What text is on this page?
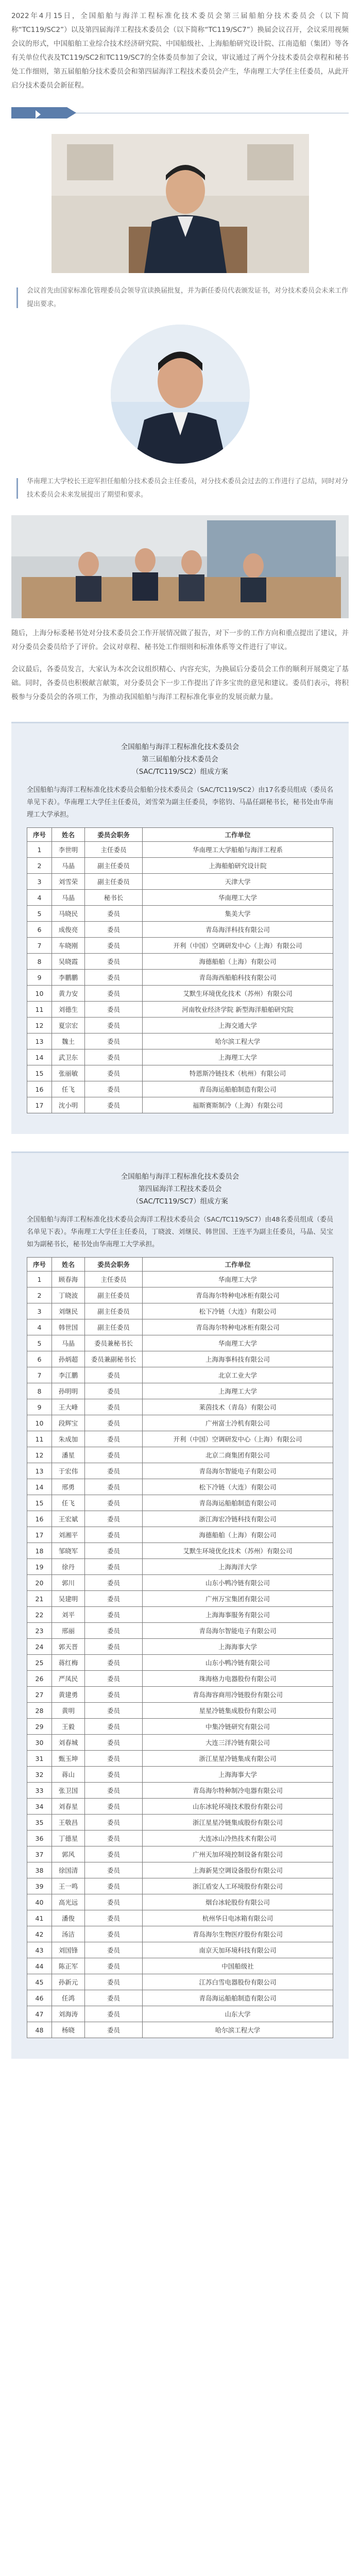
2022年4月15日，全国船舶与海洋工程标准化技术委员会第三届船舶分技术委员会（以下简称“TC119/SC2”）以及第四届海洋工程技术委员会（以下简称“TC119/SC7”）换届会议召开，会议采用视频会议的形式，中国船舶工业综合技术经济研究院、中国船级社、上海船舶研究设计院、江南造船（集团）等各有关单位代表及TC119/SC2和TC119/SC7的全体委员参加了会议，审议通过了两个分技术委员会章程和秘书处工作细则，第五届船舶分技术委员会和第四届海洋工程技术委员会产生，华南理工大学任主任委员，从此开启分技术委员会新征程。
会议首先由国家标准化管理委员会领导宣读换届批复，并为新任委员代表颁发证书，对分技术委员会未来工作提出要求。
华南理工大学校长王迎军担任船舶分技术委员会主任委员，对分技术委员会过去的工作进行了总结，同时对分技术委员会未来发展提出了期望和要求。
随后，上海分标委秘书处对分技术委员会工作开展情况做了报告，对下一步的工作方向和重点提出了建议，并对分委员会委员给予了评价。会议对章程、秘书处工作细则和标准体系等文件进行了审议。
会议最后，各委员发言，大家认为本次会议组织精心、内容充实，为换届后分委员会工作的顺利开展奠定了基础。同时，各委员也积极献言献策，对分委员会下一步工作提出了许多宝贵的意见和建议。委员们表示，将积极参与分委员会的各项工作，为推动我国船舶与海洋工程标准化事业的发展贡献力量。
全国船舶与海洋工程标准化技术委员会
第三届船舶分技术委员会
（SAC/TC119/SC2）组成方案
全国船舶与海洋工程标准化技术委员会船舶分技术委员会（SAC/TC119/SC2）由17名委员组成（委员名单见下表）。华南理工大学任主任委员，刘雪荣为副主任委员，李铭钧、马晶任副秘书长，秘书处由华南理工大学承担。
序号	姓名	委员会职务	工作单位
1	李世明	主任委员	华南理工大学船舶与海洋工程系
2	马晶	副主任委员	上海船舶研究设计院
3	刘雪荣	副主任委员	天津大学
4	马晶	秘书长	华南理工大学
5	马晓民	委员	集美大学
6	成俊亮	委员	青岛海洋科技有限公司
7	车晓刚	委员	开利（中国）空调研发中心（上海）有限公司
8	吴晓霞	委员	海德船舶（上海）有限公司
9	李鹏鹏	委员	青岛海西船舶科技有限公司
10	黄力安	委员	艾默生环境优化技术（苏州）有限公司
11	刘德生	委员	河南牧业经济学院 新型海洋船舶研究院
12	夏宗宏	委员	上海交通大学
13	魏土	委员	哈尔滨工程大学
14	武卫东	委员	上海理工大学
15	张丽敏	委员	特恩斯冷链技术（杭州）有限公司
16	任飞	委员	青岛海运船舶制造有限公司
17	沈小明	委员	福斯赛斯制冷（上海）有限公司
全国船舶与海洋工程标准化技术委员会
第四届海洋工程技术委员会
（SAC/TC119/SC7）组成方案
全国船舶与海洋工程标准化技术委员会海洋工程技术委员会（SAC/TC119/SC7）由48名委员组成（委员名单见下表）。华南理工大学任主任委员，丁晓波、刘继民、韩世国、王连平为副主任委员，马晶、吴宝如为副秘书长，秘书处由华南理工大学承担。
序号	姓名	委员会职务	工作单位
1	顾春海	主任委员	华南理工大学
2	丁晓波	副主任委员	青岛海尔特种电冰柜有限公司
3	刘继民	副主任委员	松下冷链（大连）有限公司
4	韩世国	副主任委员	青岛海尔特种电冰柜有限公司
5	马晶	委员兼秘书长	华南理工大学
6	孙炳超	委员兼副秘书长	上海海事科技有限公司
7	李江鹏	委员	北京工业大学
8	孙明明	委员	上海理工大学
9	王大峰	委员	莱茵技术（青岛）有限公司
10	段辉宝	委员	广州富士冷机有限公司
11	朱成加	委员	开利（中国）空调研发中心（上海）有限公司
12	潘星	委员	北京二商集团有限公司
13	于宏伟	委员	青岛海尔智能电子有限公司
14	邢勇	委员	松下冷链（大连）有限公司
15	任飞	委员	青岛海运船舶制造有限公司
16	王宏斌	委员	浙江海宏冷链科技有限公司
17	刘湘平	委员	海德船舶（上海）有限公司
18	邹晓军	委员	艾默生环境优化技术（苏州）有限公司
19	徐丹	委员	上海海洋大学
20	郭川	委员	山东小鸭冷链有限公司
21	吴建明	委员	广州万宝集团有限公司
22	刘平	委员	上海海事服务有限公司
23	邢丽	委员	青岛海尔智能电子有限公司
24	郭天晋	委员	上海海事大学
25	蒋红梅	委员	山东小鸭冷链有限公司
26	严凤民	委员	珠海格力电器股份有限公司
27	黄建勇	委员	青岛海容商用冷链股份有限公司
28	黄明	委员	星星冷链集成股份有限公司
29	王毅	委员	中集冷链研究有限公司
30	刘春城	委员	大连三洋冷链有限公司
31	甄玉坤	委员	浙江星星冷链集成有限公司
32	蒋山	委员	上海海事大学
33	张卫国	委员	青岛海尔特种制冷电器有限公司
34	刘春星	委员	山东冰轮环境技术股份有限公司
35	王敬昌	委员	浙江星星冷链集成股份有限公司
36	丁德星	委员	大连冰山冷热技术有限公司
37	郭风	委员	广州天加环境控制设备有限公司
38	徐国清	委员	上海新晃空调设备股份有限公司
39	王一鸣	委员	浙江盾安人工环境股份有限公司
40	高光远	委员	烟台冰轮股份有限公司
41	潘俊	委员	杭州华日电冰箱有限公司
42	汤洁	委员	青岛海尔生物医疗股份有限公司
43	刘国锋	委员	南京天加环境科技有限公司
44	陈正军	委员	中国船级社
45	孙新元	委员	江苏白雪电器股份有限公司
46	任鸿	委员	青岛海运船舶制造有限公司
47	刘海涛	委员	山东大学
48	杨晓	委员	哈尔滨工程大学
